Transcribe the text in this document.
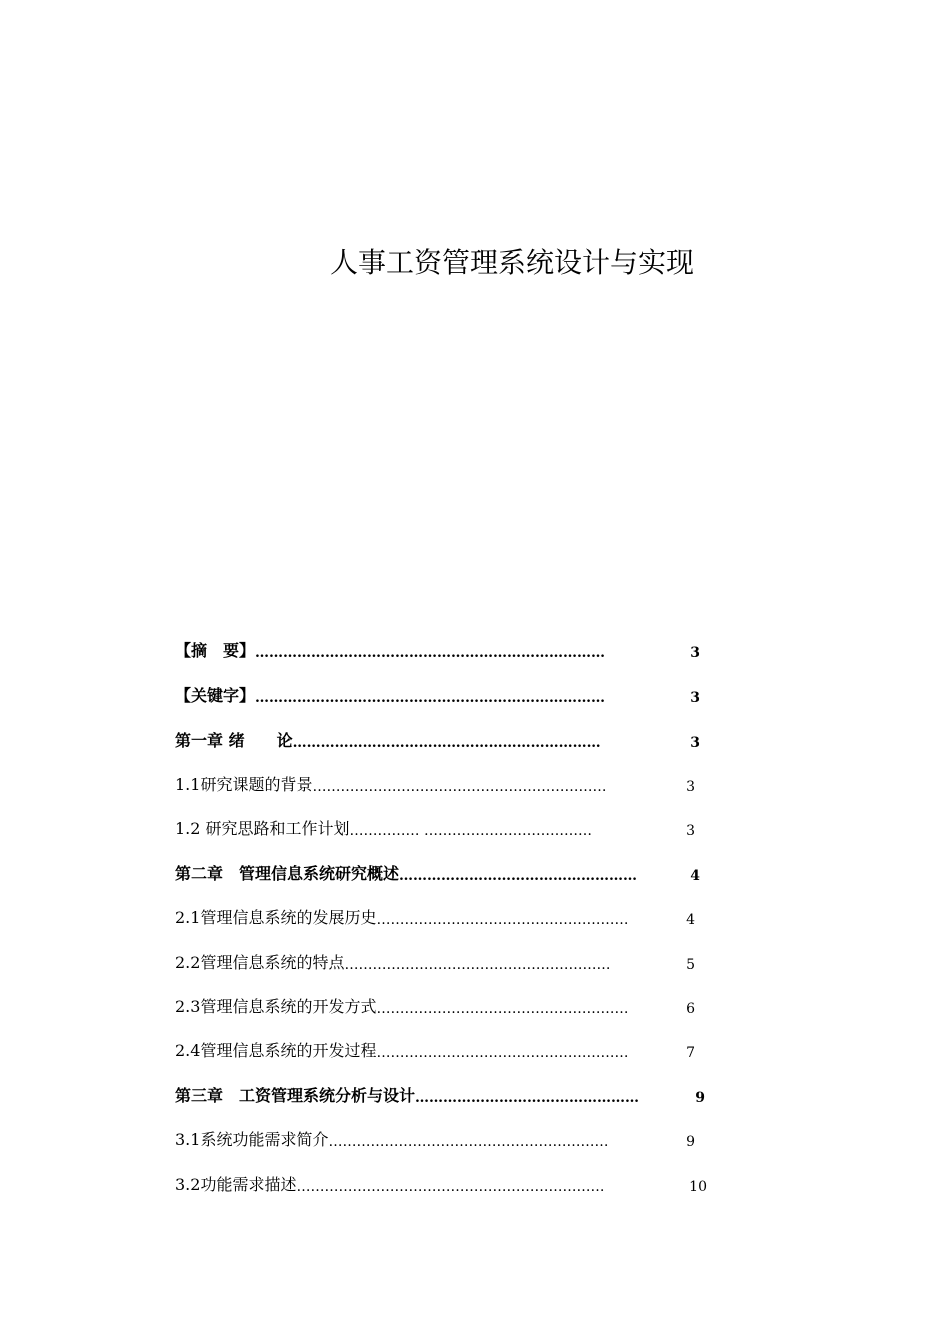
人事工资管理系统设计与实现
【摘　要】 …………………………………………………………………	3
【关键字】 …………………………………………………………………	3
第一章 绪　　论 …………………………………………………………	3
1.1研究课题的背景 ………………………………………………………	3
1.2 研究思路和工作计划 …………… ………………………………	3
第二章　管理信息系统研究概述 ……………………………………………	4
2.1管理信息系统的发展历史 ………………………………………………	4
2.2管理信息系统的特点 …………………………………………………	5
2.3管理信息系统的开发方式 ………………………………………………	6
2.4管理信息系统的开发过程 ………………………………………………	7
第三章　工资管理系统分析与设计 …………………………………………	9
3.1系统功能需求简介 ……………………………………………………	9
3.2功能需求描述 …………………………………………………………	10
